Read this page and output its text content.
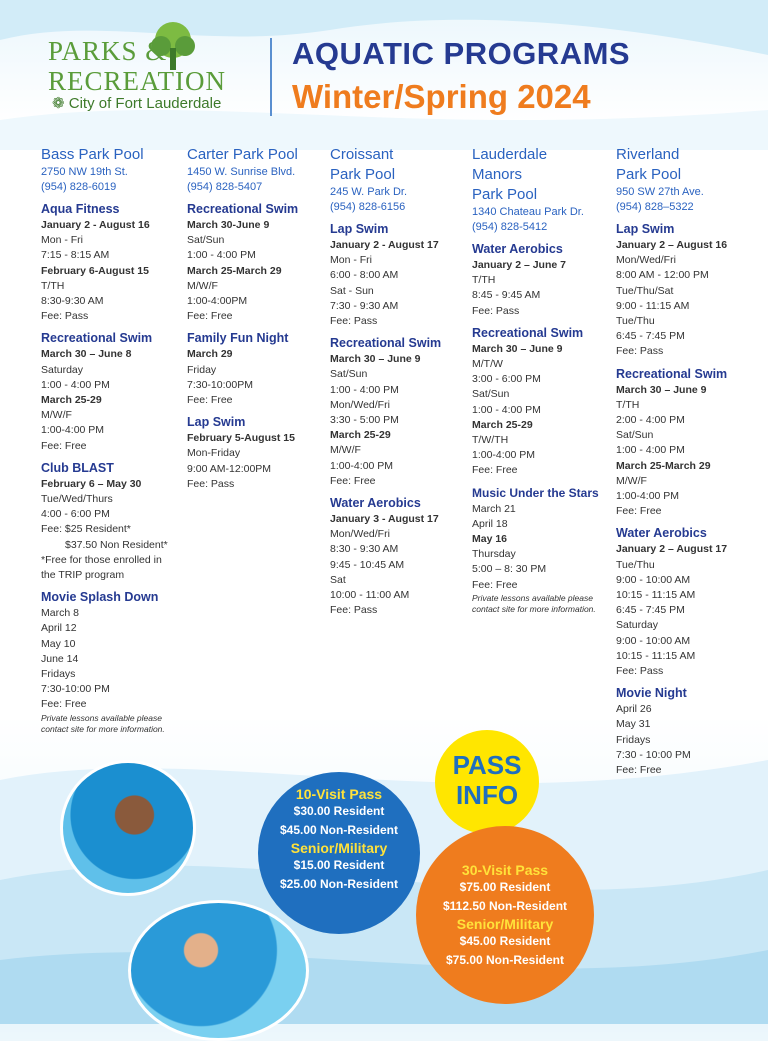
PARKS &
RECREATION
❁ City of Fort Lauderdale
AQUATIC PROGRAMS
Winter/Spring 2024
Bass Park Pool
2750 NW 19th St.
(954) 828-6019
Aqua Fitness
January 2 - August 16
Mon - Fri
7:15 - 8:15 AM
February 6-August 15
T/TH
8:30-9:30 AM
Fee: Pass
Recreational Swim
March 30 – June 8
Saturday
1:00 - 4:00 PM
March 25-29
M/W/F
1:00-4:00 PM
Fee: Free
Club BLAST
February 6 – May 30
Tue/Wed/Thurs
4:00 - 6:00 PM
Fee: $25 Resident*
$37.50 Non Resident*
*Free for those enrolled in
the TRIP program
Movie Splash Down
March 8
April 12
May 10
June 14
Fridays
7:30-10:00 PM
Fee: Free
Private lessons available please
contact site for more information.
Carter Park Pool
1450 W. Sunrise Blvd.
(954) 828-5407
Recreational Swim
March 30-June 9
Sat/Sun
1:00 - 4:00 PM
March 25-March 29
M/W/F
1:00-4:00PM
Fee: Free
Family Fun Night
March 29
Friday
7:30-10:00PM
Fee: Free
Lap Swim
February 5-August 15
Mon-Friday
9:00 AM-12:00PM
Fee: Pass
Croissant
Park Pool
245 W. Park Dr.
(954) 828-6156
Lap Swim
January 2 - August 17
Mon - Fri
6:00 - 8:00 AM
Sat - Sun
7:30 - 9:30 AM
Fee: Pass
Recreational Swim
March 30 – June 9
Sat/Sun
1:00 - 4:00 PM
Mon/Wed/Fri
3:30 - 5:00 PM
March 25-29
M/W/F
1:00-4:00 PM
Fee: Free
Water Aerobics
January 3 - August 17
Mon/Wed/Fri
8:30 - 9:30 AM
9:45 - 10:45 AM
Sat
10:00 - 11:00 AM
Fee: Pass
Lauderdale
Manors
Park Pool
1340 Chateau Park Dr.
(954) 828-5412
Water Aerobics
January 2 – June 7
T/TH
8:45 - 9:45 AM
Fee: Pass
Recreational Swim
March 30 – June 9
M/T/W
3:00 - 6:00 PM
Sat/Sun
1:00 - 4:00 PM
March 25-29
T/W/TH
1:00-4:00 PM
Fee: Free
Music Under the Stars
March 21
April 18
May 16
Thursday
5:00 – 8: 30 PM
Fee: Free
Private lessons available please
contact site for more information.
Riverland
Park Pool
950 SW 27th Ave.
(954) 828–5322
Lap Swim
January 2 – August 16
Mon/Wed/Fri
8:00 AM - 12:00 PM
Tue/Thu/Sat
9:00 - 11:15 AM
Tue/Thu
6:45 - 7:45 PM
Fee: Pass
Recreational Swim
March 30 – June 9
T/TH
2:00 - 4:00 PM
Sat/Sun
1:00 - 4:00 PM
March 25-March 29
M/W/F
1:00-4:00 PM
Fee: Free
Water Aerobics
January 2 – August 17
Tue/Thu
9:00 - 10:00 AM
10:15 - 11:15 AM
6:45 - 7:45 PM
Saturday
9:00 - 10:00 AM
10:15 - 11:15 AM
Fee: Pass
Movie Night
April 26
May 31
Fridays
7:30 - 10:00 PM
Fee: Free
PASS
INFO
10-Visit Pass
$30.00 Resident
$45.00 Non-Resident
Senior/Military
$15.00 Resident
$25.00 Non-Resident
30-Visit Pass
$75.00 Resident
$112.50 Non-Resident
Senior/Military
$45.00 Resident
$75.00 Non-Resident
